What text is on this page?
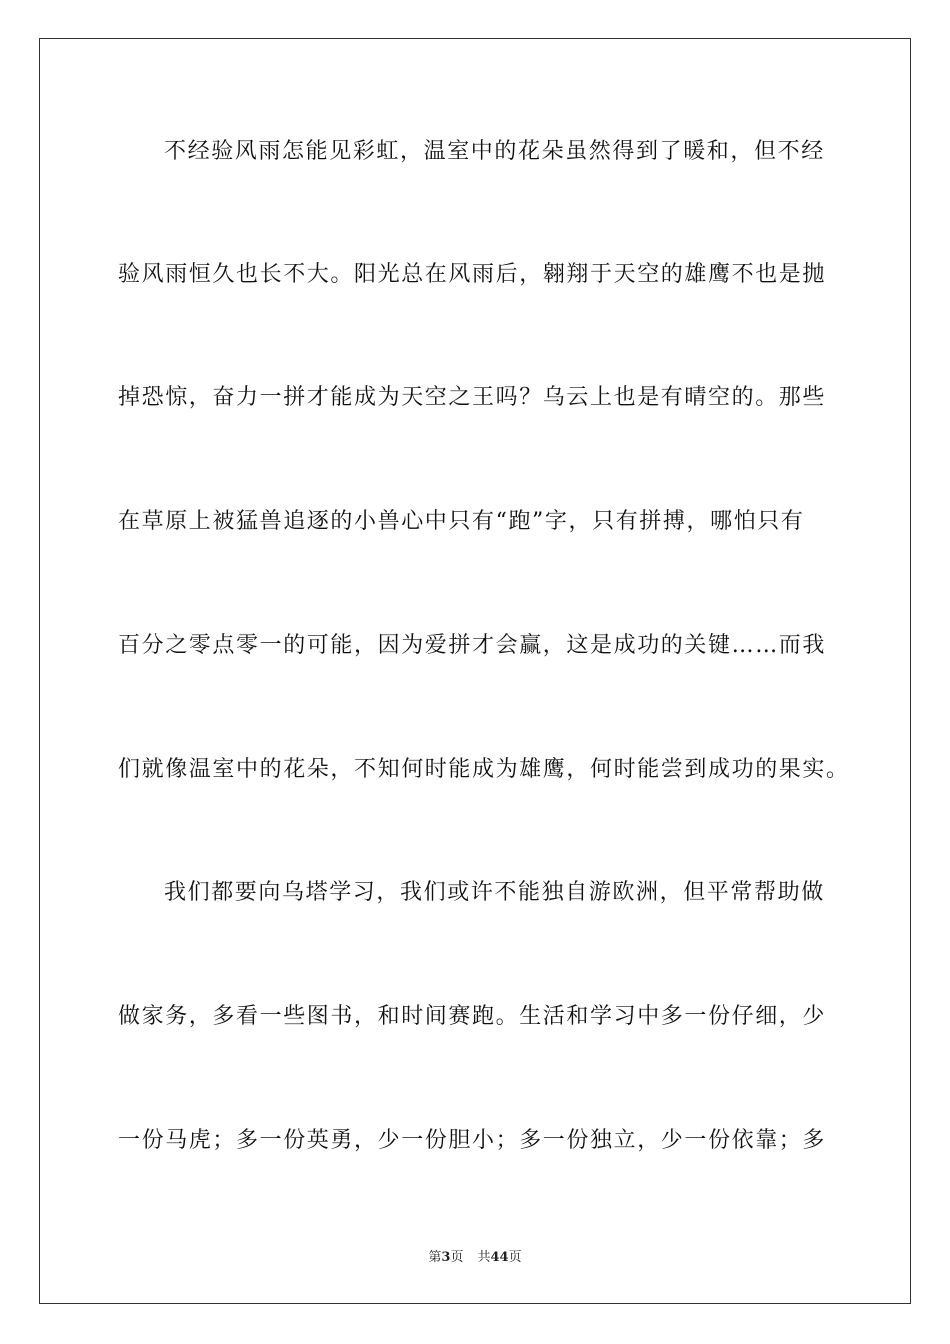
不经验风雨怎能见彩虹，温室中的花朵虽然得到了暖和，但不经
验风雨恒久也长不大。阳光总在风雨后，翱翔于天空的雄鹰不也是抛
掉恐惊，奋力一拼才能成为天空之王吗？乌云上也是有晴空的。那些
在草原上被猛兽追逐的小兽心中只有“跑”字，只有拼搏，哪怕只有
百分之零点零一的可能，因为爱拼才会赢，这是成功的关键……而我
们就像温室中的花朵，不知何时能成为雄鹰，何时能尝到成功的果实。
我们都要向乌塔学习，我们或许不能独自游欧洲，但平常帮助做
做家务，多看一些图书，和时间赛跑。生活和学习中多一份仔细，少
一份马虎；多一份英勇，少一份胆小；多一份独立，少一份依靠；多
第3页 共44页
